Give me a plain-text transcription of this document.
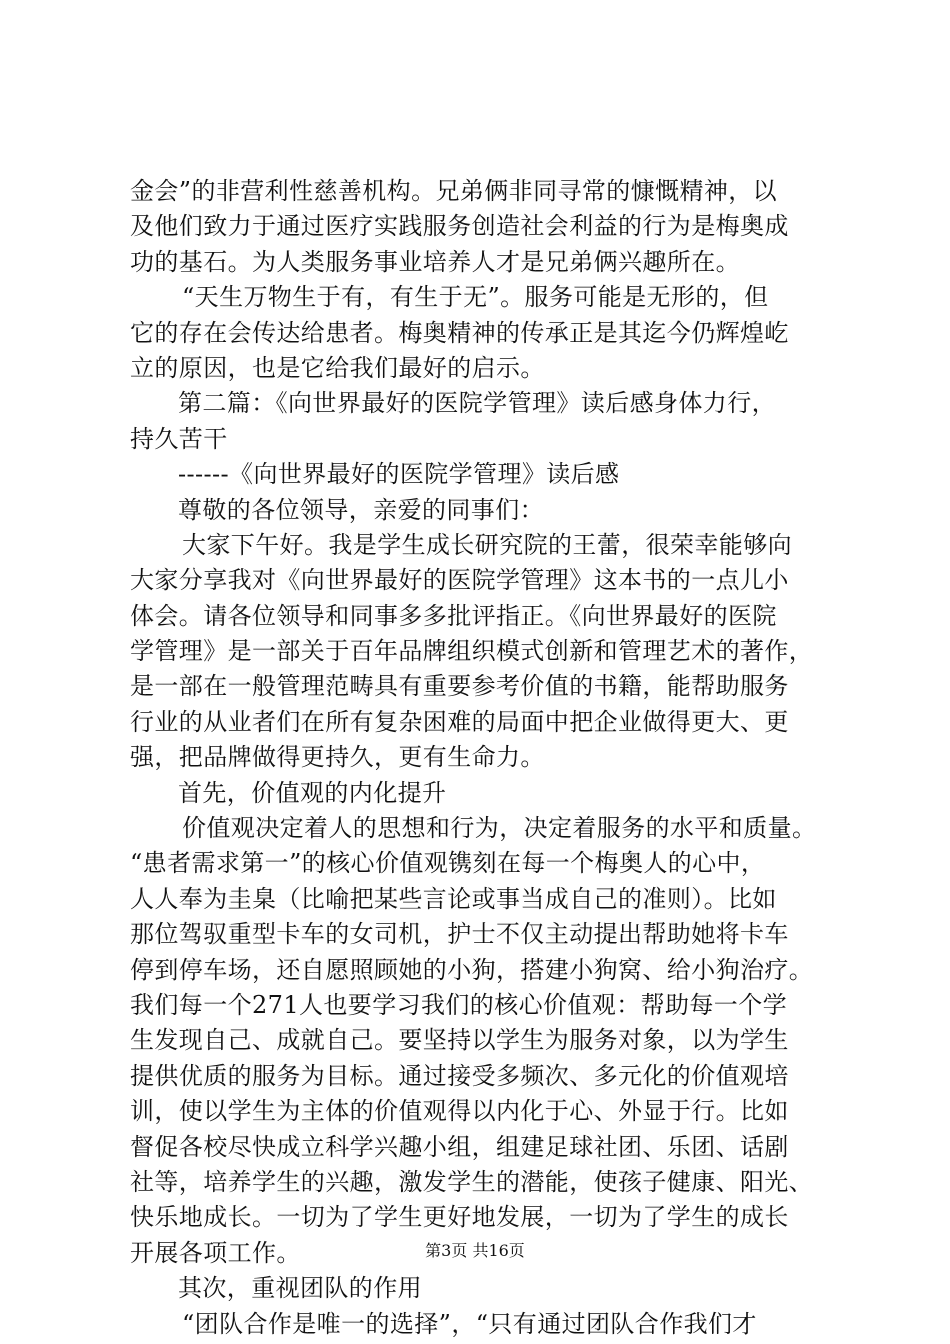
金会”的非营利性慈善机构。兄弟俩非同寻常的慷慨精神，以
及他们致力于通过医疗实践服务创造社会利益的行为是梅奥成
功的基石。为人类服务事业培养人才是兄弟俩兴趣所在。
“天生万物生于有，有生于无”。服务可能是无形的，但
它的存在会传达给患者。梅奥精神的传承正是其迄今仍辉煌屹
立的原因，也是它给我们最好的启示。
第二篇：《向世界最好的医院学管理》读后感身体力行，
持久苦干
------《向世界最好的医院学管理》读后感
尊敬的各位领导，亲爱的同事们：
大家下午好。我是学生成长研究院的王蕾，很荣幸能够向
大家分享我对《向世界最好的医院学管理》这本书的一点儿小
体会。请各位领导和同事多多批评指正。《向世界最好的医院
学管理》是一部关于百年品牌组织模式创新和管理艺术的著作，
是一部在一般管理范畴具有重要参考价值的书籍，能帮助服务
行业的从业者们在所有复杂困难的局面中把企业做得更大、更
强，把品牌做得更持久，更有生命力。
首先，价值观的内化提升
价值观决定着人的思想和行为，决定着服务的水平和质量。
“患者需求第一”的核心价值观镌刻在每一个梅奥人的心中，
人人奉为圭臬（比喻把某些言论或事当成自己的准则）。比如
那位驾驭重型卡车的女司机，护士不仅主动提出帮助她将卡车
停到停车场，还自愿照顾她的小狗，搭建小狗窝、给小狗治疗。
我们每一个271人也要学习我们的核心价值观：帮助每一个学
生发现自己、成就自己。要坚持以学生为服务对象，以为学生
提供优质的服务为目标。通过接受多频次、多元化的价值观培
训，使以学生为主体的价值观得以内化于心、外显于行。比如
督促各校尽快成立科学兴趣小组，组建足球社团、乐团、话剧
社等，培养学生的兴趣，激发学生的潜能，使孩子健康、阳光、
快乐地成长。一切为了学生更好地发展，一切为了学生的成长
开展各项工作。
其次，重视团队的作用
“团队合作是唯一的选择”，“只有通过团队合作我们才
第3页 共16页
